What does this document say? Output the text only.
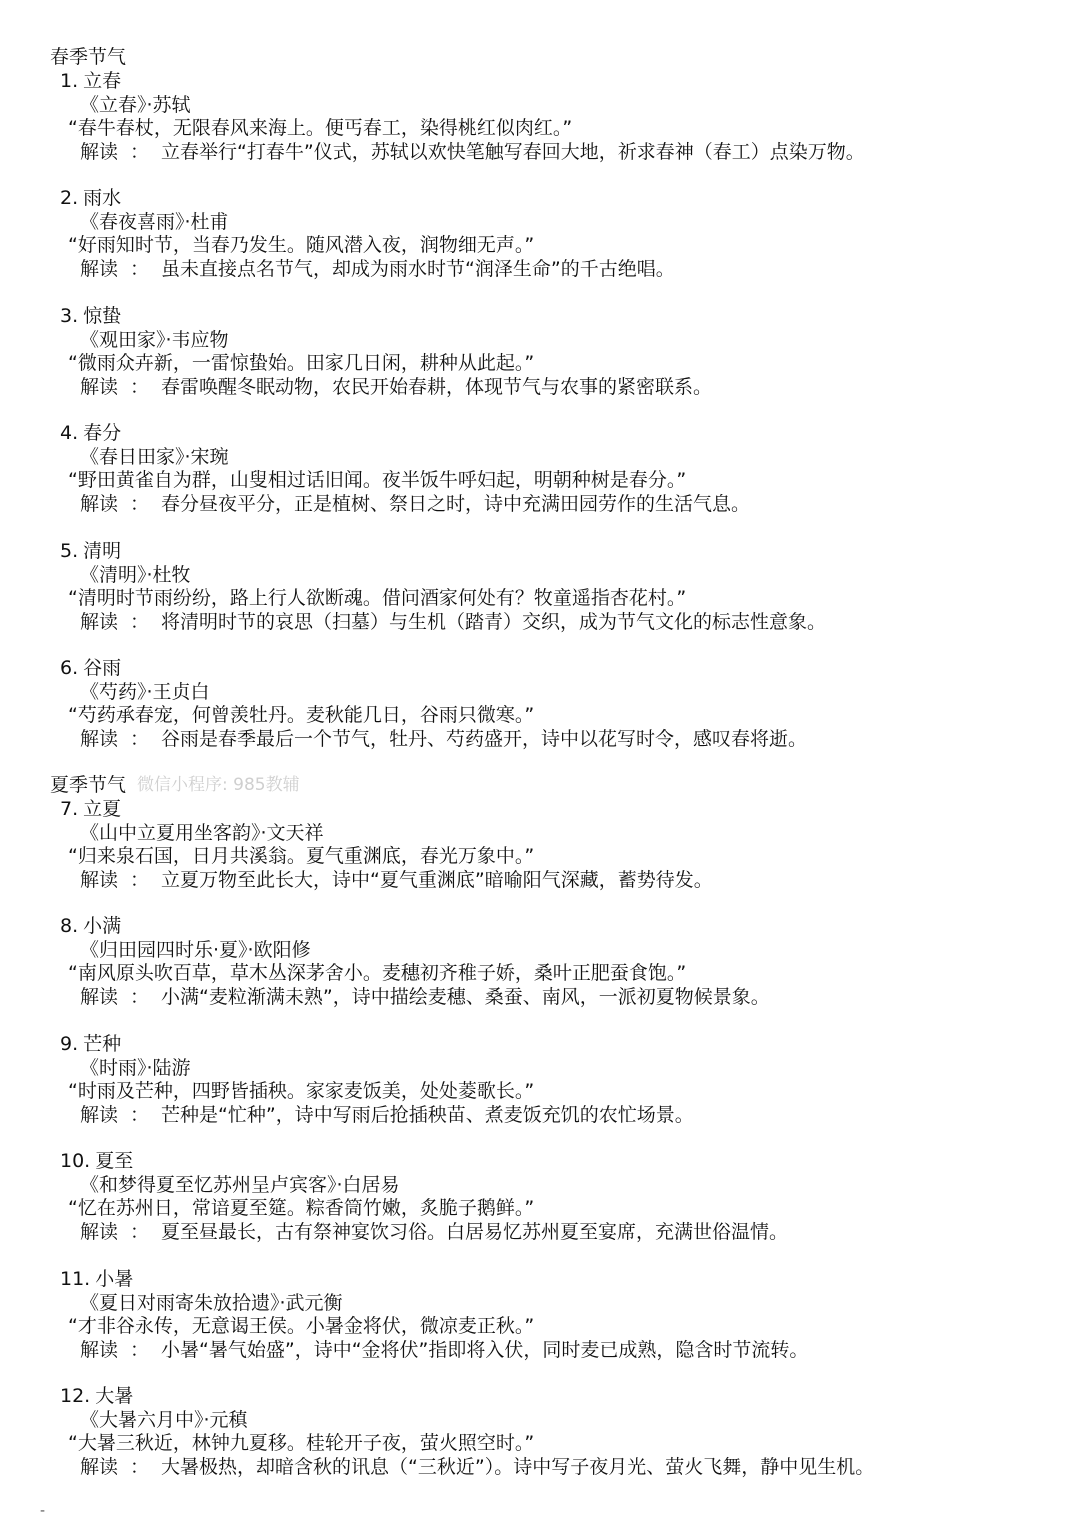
春季节气
1. 立春
《立春》·苏轼
“春牛春杖，无限春风来海上。便丐春工，染得桃红似肉红。”
解读 ： 立春举行“打春牛”仪式，苏轼以欢快笔触写春回大地，祈求春神（春工）点染万物。
2. 雨水
《春夜喜雨》·杜甫
“好雨知时节，当春乃发生。随风潜入夜，润物细无声。”
解读 ： 虽未直接点名节气，却成为雨水时节“润泽生命”的千古绝唱。
3. 惊蛰
《观田家》·韦应物
“微雨众卉新，一雷惊蛰始。田家几日闲，耕种从此起。”
解读 ： 春雷唤醒冬眠动物，农民开始春耕，体现节气与农事的紧密联系。
4. 春分
《春日田家》·宋琬
“野田黄雀自为群，山叟相过话旧闻。夜半饭牛呼妇起，明朝种树是春分。”
解读 ： 春分昼夜平分，正是植树、祭日之时，诗中充满田园劳作的生活气息。
5. 清明
《清明》·杜牧
“清明时节雨纷纷，路上行人欲断魂。借问酒家何处有？牧童遥指杏花村。”
解读 ： 将清明时节的哀思（扫墓）与生机（踏青）交织，成为节气文化的标志性意象。
6. 谷雨
《芍药》·王贞白
“芍药承春宠，何曾羡牡丹。麦秋能几日，谷雨只微寒。”
解读 ： 谷雨是春季最后一个节气，牡丹、芍药盛开，诗中以花写时令，感叹春将逝。
夏季节气 微信小程序: 985教辅
7. 立夏
《山中立夏用坐客韵》·文天祥
“归来泉石国，日月共溪翁。夏气重渊底，春光万象中。”
解读 ： 立夏万物至此长大，诗中“夏气重渊底”暗喻阳气深藏，蓄势待发。
8. 小满
《归田园四时乐·夏》·欧阳修
“南风原头吹百草，草木丛深茅舍小。麦穗初齐稚子娇，桑叶正肥蚕食饱。”
解读 ： 小满“麦粒渐满未熟”，诗中描绘麦穗、桑蚕、南风，一派初夏物候景象。
9. 芒种
《时雨》·陆游
“时雨及芒种，四野皆插秧。家家麦饭美，处处菱歌长。”
解读 ： 芒种是“忙种”，诗中写雨后抢插秧苗、煮麦饭充饥的农忙场景。
10. 夏至
《和梦得夏至忆苏州呈卢宾客》·白居易
“忆在苏州日，常谙夏至筵。粽香筒竹嫩，炙脆子鹅鲜。”
解读 ： 夏至昼最长，古有祭神宴饮习俗。白居易忆苏州夏至宴席，充满世俗温情。
11. 小暑
《夏日对雨寄朱放拾遗》·武元衡
“才非谷永传，无意谒王侯。小暑金将伏，微凉麦正秋。”
解读 ： 小暑“暑气始盛”，诗中“金将伏”指即将入伏，同时麦已成熟，隐含时节流转。
12. 大暑
《大暑六月中》·元稹
“大暑三秋近，林钟九夏移。桂轮开子夜，萤火照空时。”
解读 ： 大暑极热，却暗含秋的讯息（“三秋近”）。诗中写子夜月光、萤火飞舞，静中见生机。
-
